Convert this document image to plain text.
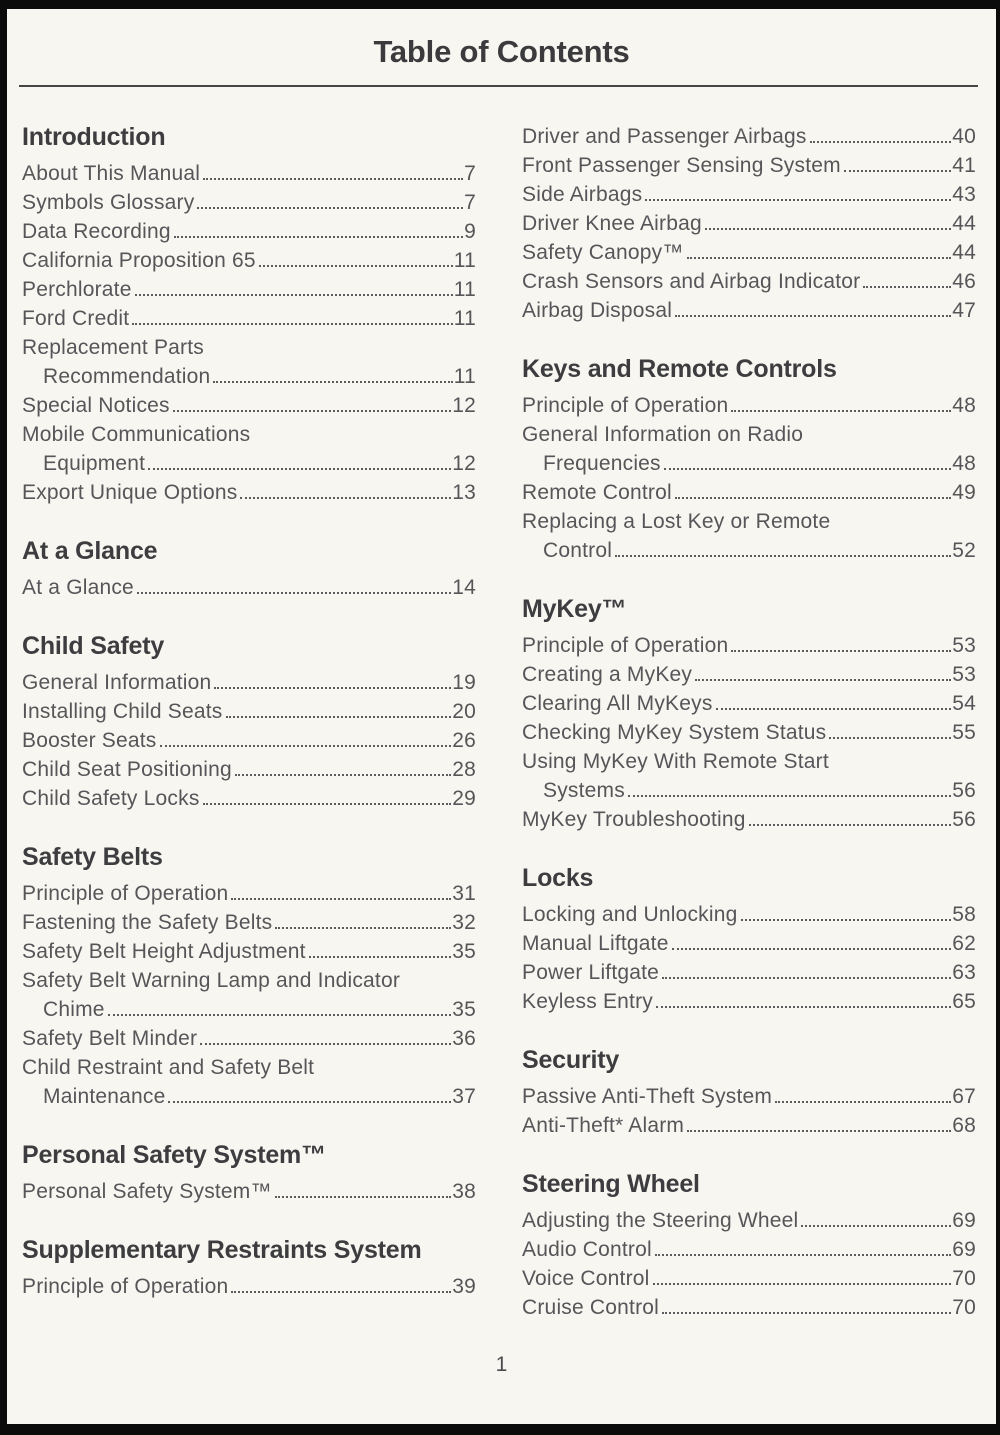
Table of Contents
Introduction
About This Manual	7
Symbols Glossary	7
Data Recording	9
California Proposition 65	11
Perchlorate	11
Ford Credit	11
Replacement Parts
Recommendation	11
Special Notices	12
Mobile Communications
Equipment	12
Export Unique Options	13
At a Glance
At a Glance	14
Child Safety
General Information	19
Installing Child Seats	20
Booster Seats	26
Child Seat Positioning	28
Child Safety Locks	29
Safety Belts
Principle of Operation	31
Fastening the Safety Belts	32
Safety Belt Height Adjustment	35
Safety Belt Warning Lamp and Indicator
Chime	35
Safety Belt Minder	36
Child Restraint and Safety Belt
Maintenance	37
Personal Safety System™
Personal Safety System™	38
Supplementary Restraints System
Principle of Operation	39
Driver and Passenger Airbags	40
Front Passenger Sensing System	41
Side Airbags	43
Driver Knee Airbag	44
Safety Canopy™	44
Crash Sensors and Airbag Indicator	46
Airbag Disposal	47
Keys and Remote Controls
Principle of Operation	48
General Information on Radio
Frequencies	48
Remote Control	49
Replacing a Lost Key or Remote
Control	52
MyKey™
Principle of Operation	53
Creating a MyKey	53
Clearing All MyKeys	54
Checking MyKey System Status	55
Using MyKey With Remote Start
Systems	56
MyKey Troubleshooting	56
Locks
Locking and Unlocking	58
Manual Liftgate	62
Power Liftgate	63
Keyless Entry	65
Security
Passive Anti-Theft System	67
Anti-Theft* Alarm	68
Steering Wheel
Adjusting the Steering Wheel	69
Audio Control	69
Voice Control	70
Cruise Control	70
1
